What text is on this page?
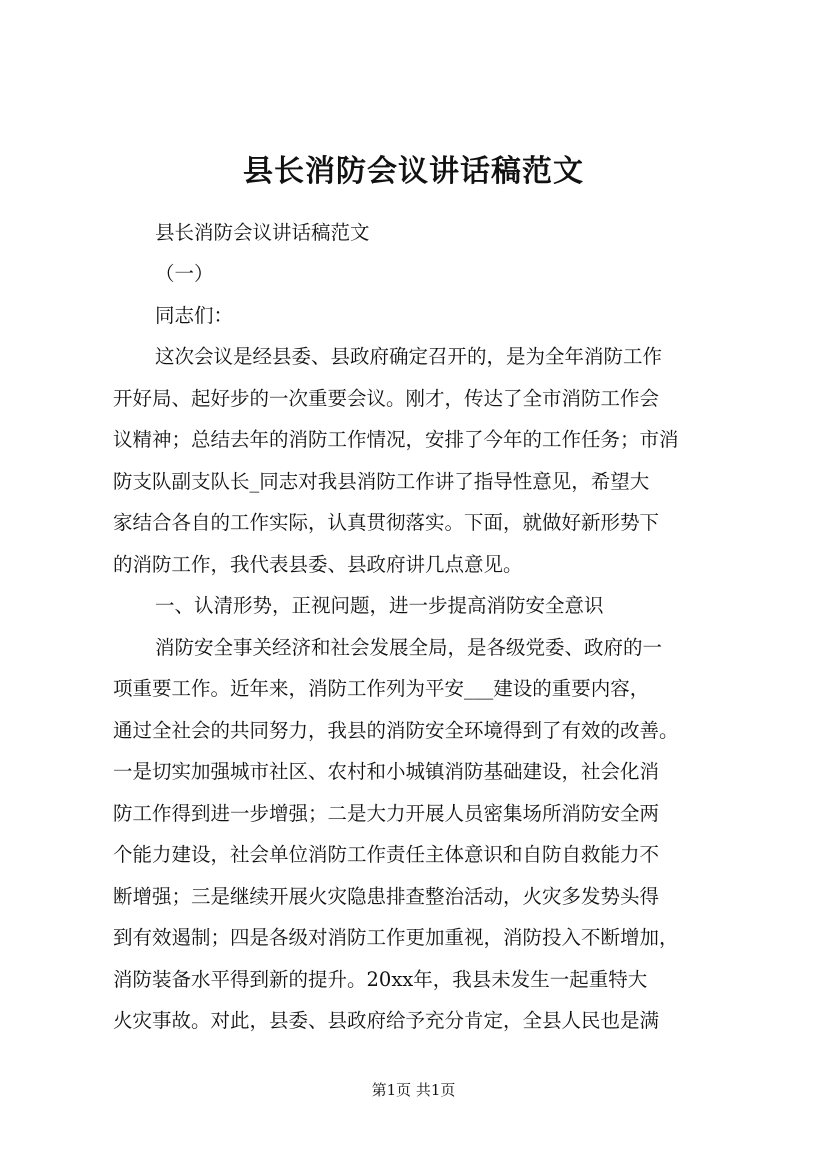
县长消防会议讲话稿范文
县长消防会议讲话稿范文
（一）
同志们：
这次会议是经县委、县政府确定召开的，是为全年消防工作
开好局、起好步的一次重要会议。刚才，传达了全市消防工作会
议精神；总结去年的消防工作情况，安排了今年的工作任务；市消
防支队副支队长_同志对我县消防工作讲了指导性意见，希望大
家结合各自的工作实际，认真贯彻落实。下面，就做好新形势下
的消防工作，我代表县委、县政府讲几点意见。
一、认清形势，正视问题，进一步提高消防安全意识
消防安全事关经济和社会发展全局，是各级党委、政府的一
项重要工作。近年来，消防工作列为平安___建设的重要内容，
通过全社会的共同努力，我县的消防安全环境得到了有效的改善。
一是切实加强城市社区、农村和小城镇消防基础建设，社会化消
防工作得到进一步增强；二是大力开展人员密集场所消防安全两
个能力建设，社会单位消防工作责任主体意识和自防自救能力不
断增强；三是继续开展火灾隐患排查整治活动，火灾多发势头得
到有效遏制；四是各级对消防工作更加重视，消防投入不断增加，
消防装备水平得到新的提升。20xx年，我县未发生一起重特大
火灾事故。对此，县委、县政府给予充分肯定，全县人民也是满
第1页 共1页
